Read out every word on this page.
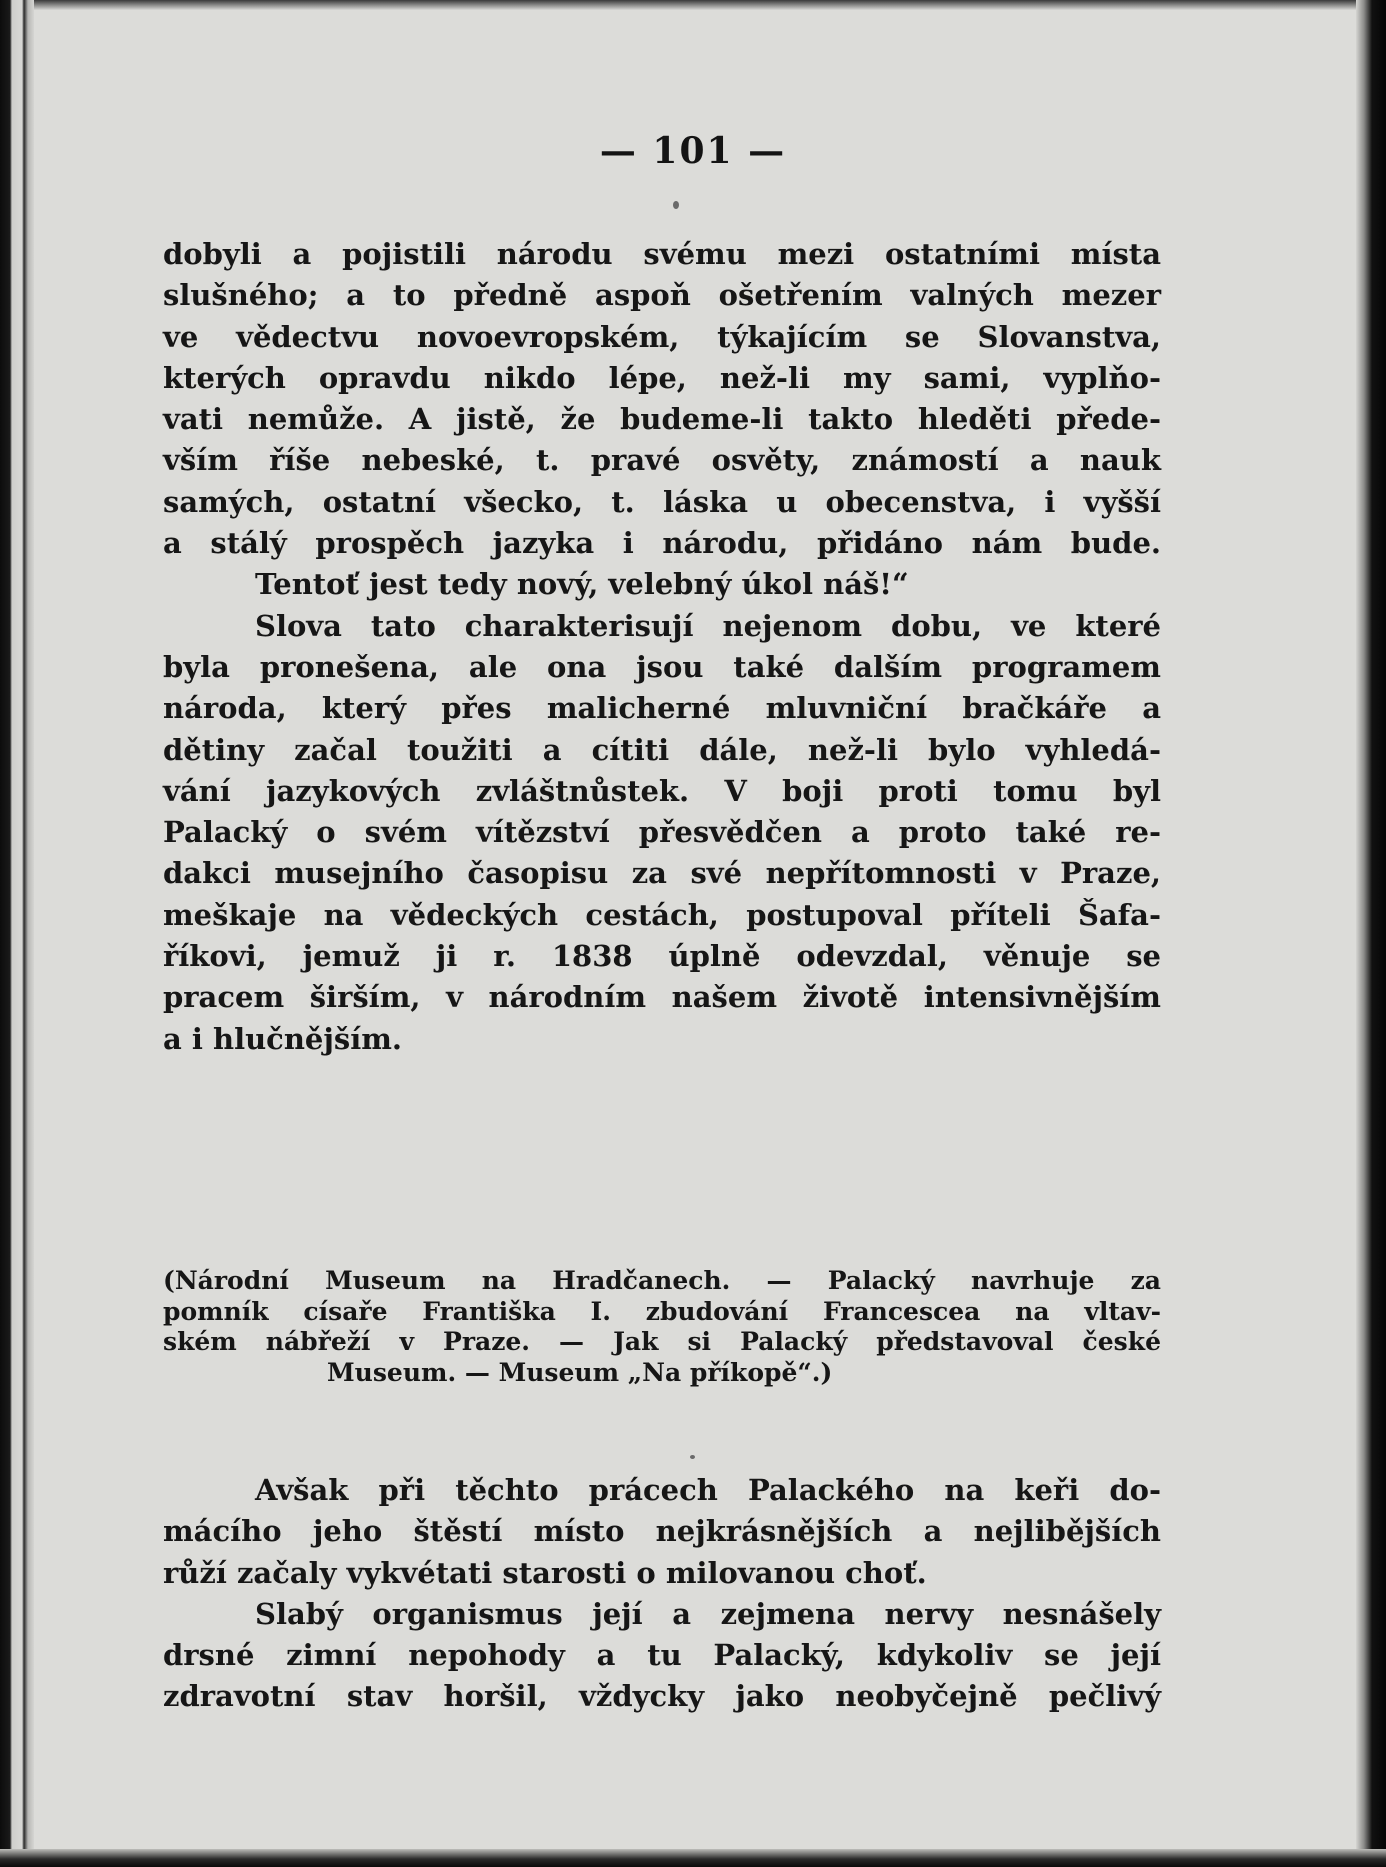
— 101 —
dobyli a pojistili národu svému mezi ostatními místa
slušného; a to předně aspoň ošetřením valných mezer
ve vědectvu novoevropském, týkajícím se Slovanstva,
kterých opravdu nikdo lépe, než-li my sami, vyplňo-
vati nemůže. A jistě, že budeme-li takto hleděti přede-
vším říše nebeské, t. pravé osvěty, známostí a nauk
samých, ostatní všecko, t. láska u obecenstva, i vyšší
a stálý prospěch jazyka i národu, přidáno nám bude.
Tentoť jest tedy nový, velebný úkol náš!“
Slova tato charakterisují nejenom dobu, ve které
byla pronešena, ale ona jsou také dalším programem
národa, který přes malicherné mluvniční bračkáře a
dětiny začal toužiti a cítiti dále, než-li bylo vyhledá-
vání jazykových zvláštnůstek. V boji proti tomu byl
Palacký o svém vítězství přesvědčen a proto také re-
dakci musejního časopisu za své nepřítomnosti v Praze,
meškaje na vědeckých cestách, postupoval příteli Šafa-
říkovi, jemuž ji r. 1838 úplně odevzdal, věnuje se
pracem širším, v národním našem životě intensivnějším
a i hlučnějším.
(Národní Museum na Hradčanech. — Palacký navrhuje za
pomník císaře Františka I. zbudování Francescea na vltav-
ském nábřeží v Praze. — Jak si Palacký představoval české
Museum. — Museum „Na příkopě“.)
Avšak při těchto prácech Palackého na keři do-
mácího jeho štěstí místo nejkrásnějších a nejlibějších
růží začaly vykvétati starosti o milovanou choť.
Slabý organismus její a zejmena nervy nesnášely
drsné zimní nepohody a tu Palacký, kdykoliv se její
zdravotní stav horšil, vždycky jako neobyčejně pečlivý
